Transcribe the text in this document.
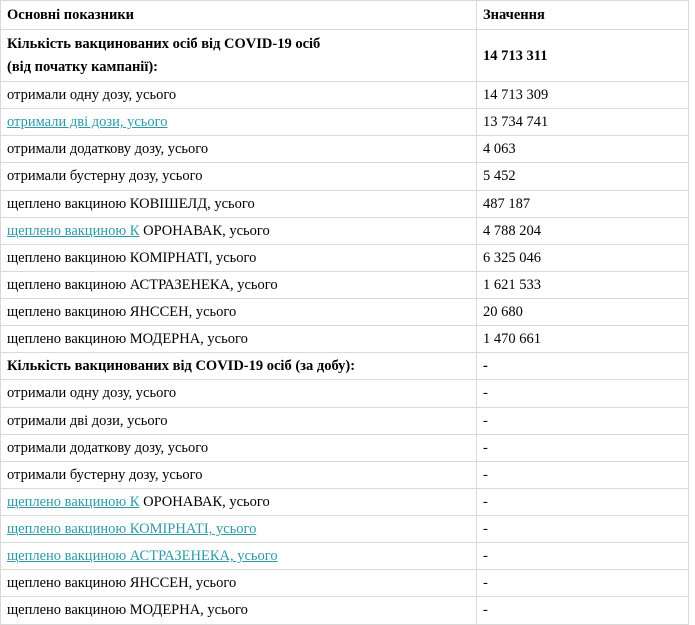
Основні показники	Значення
Кількість вакцинованих осіб від COVID-19 осіб
(від початку кампанії):	14 713 311
отримали одну дозу, усього	14 713 309
отримали дві дози, усього	13 734 741
отримали додаткову дозу, усього	4 063
отримали бустерну дозу, усього	5 452
щеплено вакциною КОВІШЕЛД, усього	487 187
щеплено вакциною К ОРОНАВАК, усього	4 788 204
щеплено вакциною КОМІРНАТІ, усього	6 325 046
щеплено вакциною АСТРАЗЕНЕКА, усього	1 621 533
щеплено вакциною ЯНССЕН, усього	20 680
щеплено вакциною МОДЕРНА, усього	1 470 661
Кількість вакцинованих від COVID-19 осіб (за добу):	-
отримали одну дозу, усього	-
отримали дві дози, усього	-
отримали додаткову дозу, усього	-
отримали бустерну дозу, усього	-
щеплено вакциною К ОРОНАВАК, усього	-
щеплено вакциною КОМІРНАТІ, усього	-
щеплено вакциною АСТРАЗЕНЕКА, усього	-
щеплено вакциною ЯНССЕН, усього	-
щеплено вакциною МОДЕРНА, усього	-
